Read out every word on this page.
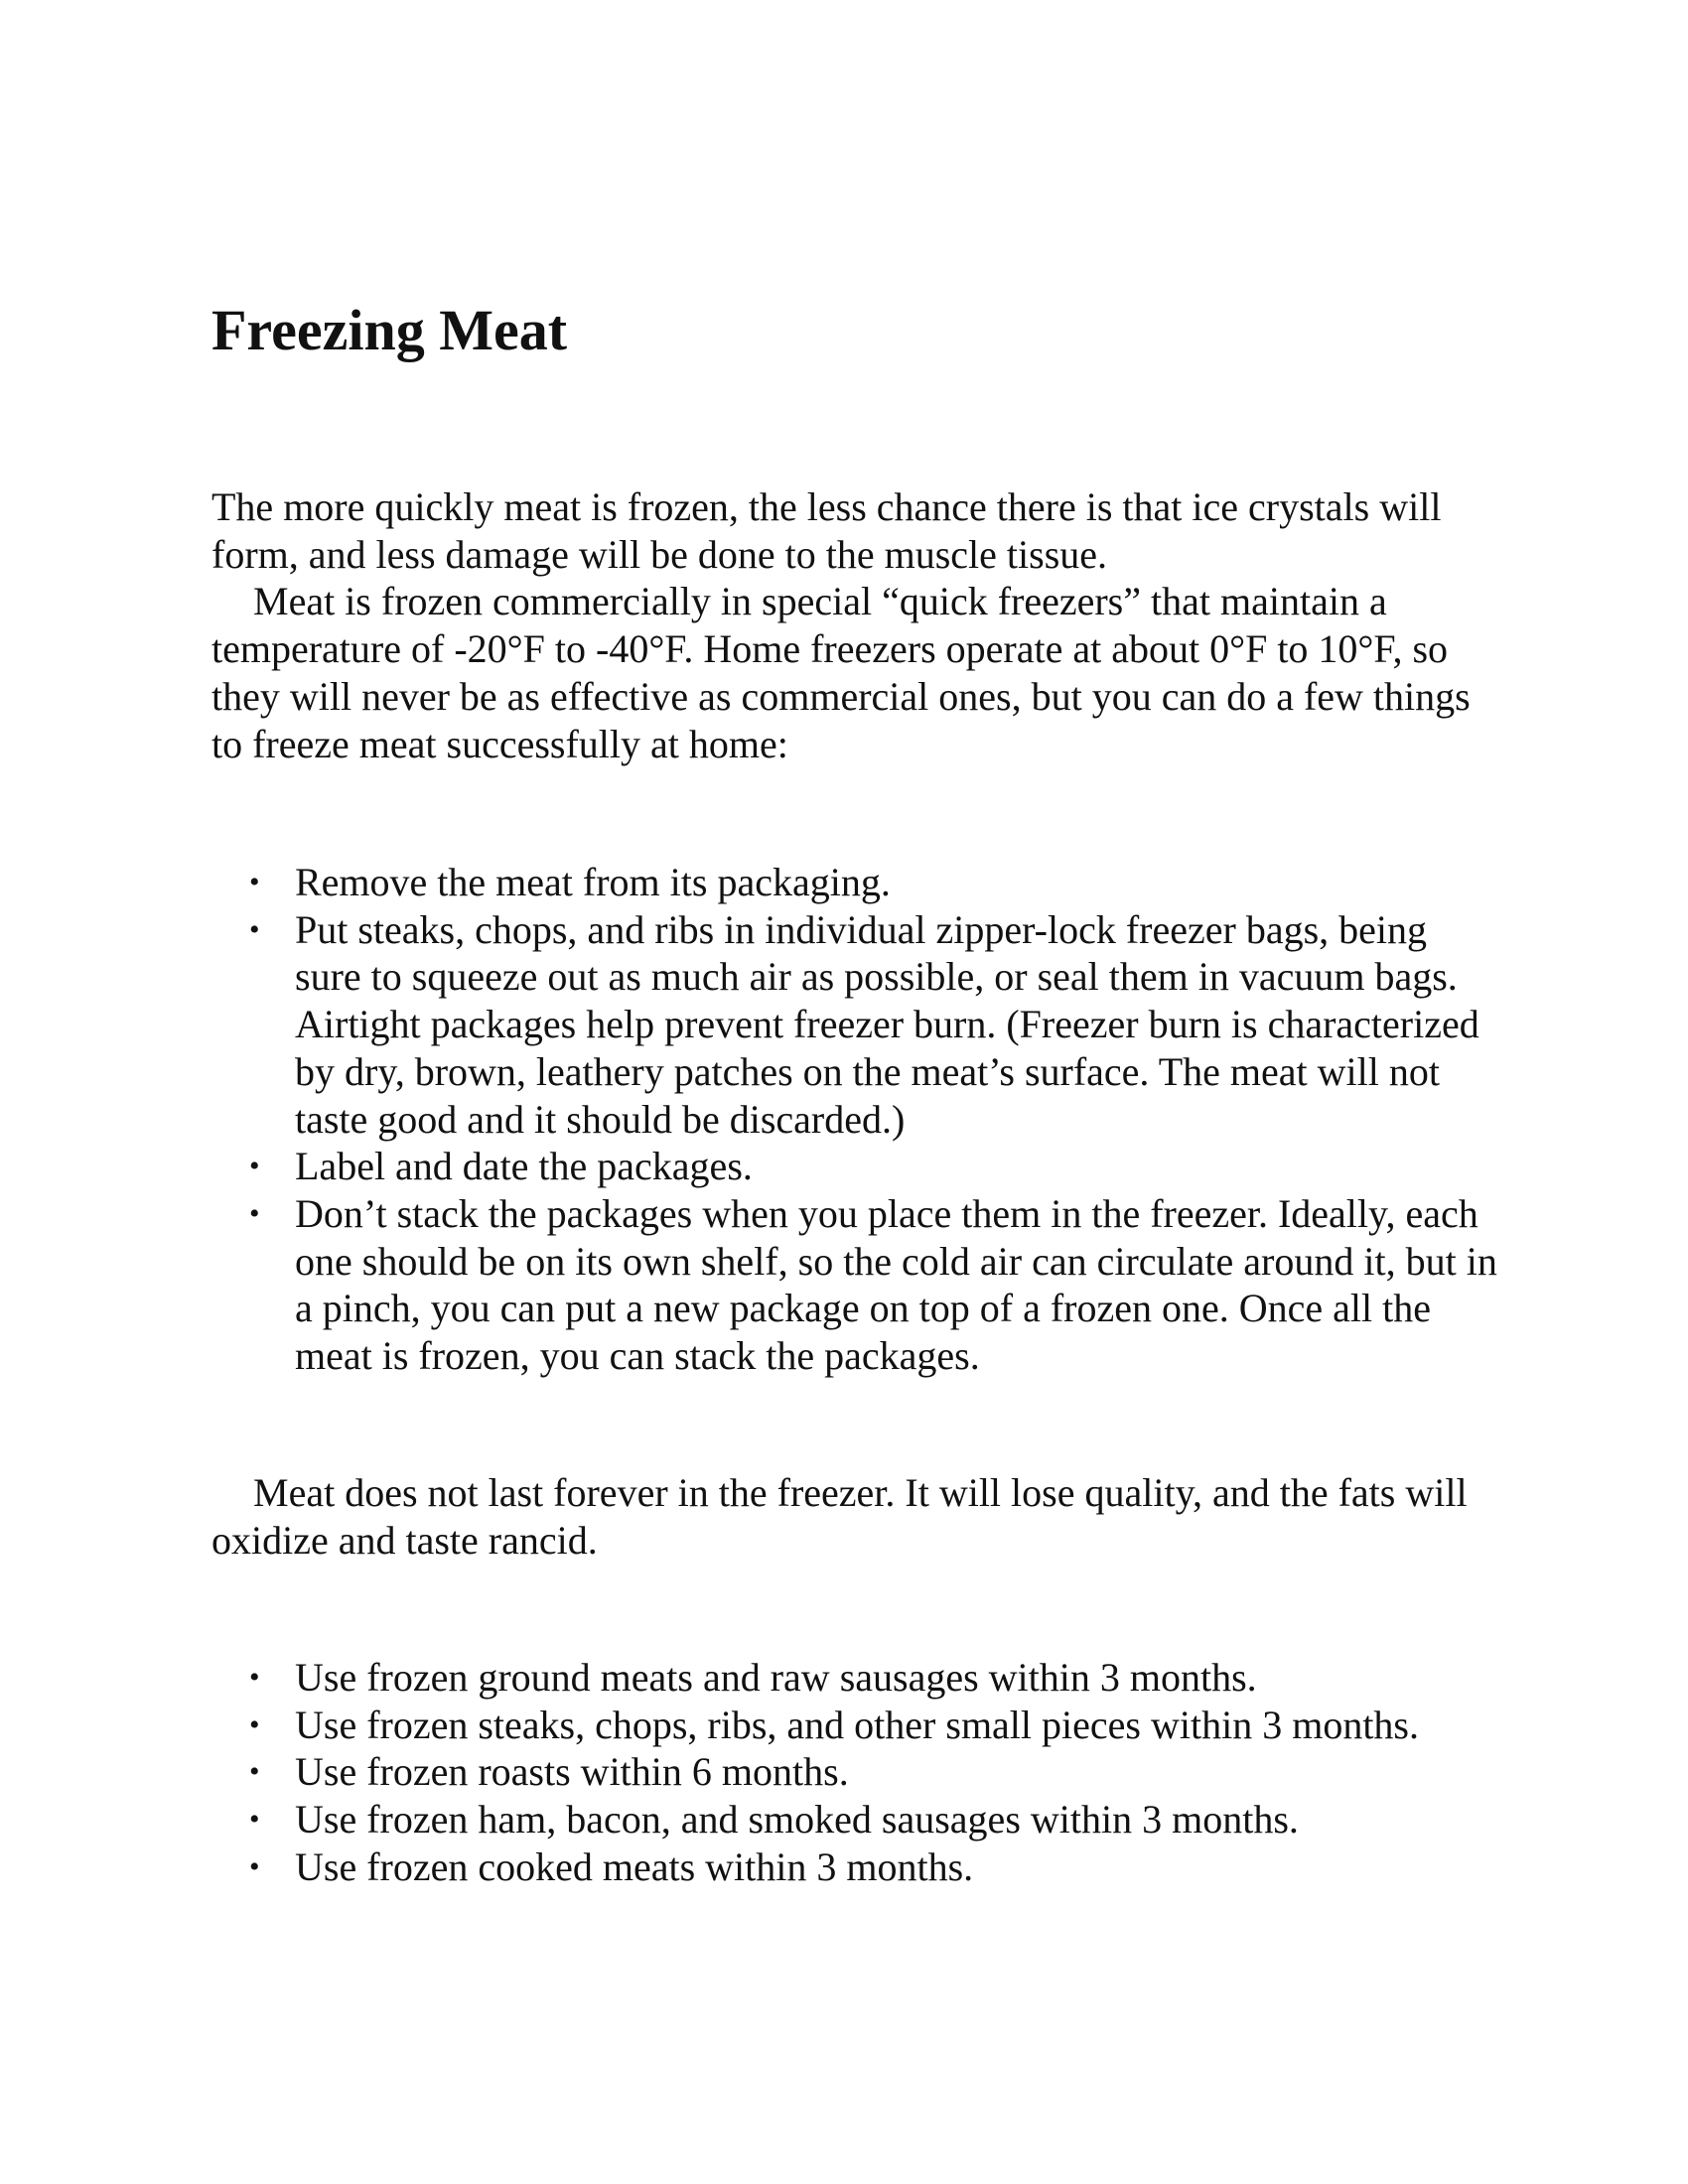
Freezing Meat

The more quickly meat is frozen, the less chance there is that ice crystals will form, and less damage will be done to the muscle tissue.

Meat is frozen commercially in special “quick freezers” that maintain a temperature of -20°F to -40°F. Home freezers operate at about 0°F to 10°F, so they will never be as effective as commercial ones, but you can do a few things to freeze meat successfully at home:

• Remove the meat from its packaging.
• Put steaks, chops, and ribs in individual zipper-lock freezer bags, being sure to squeeze out as much air as possible, or seal them in vacuum bags. Airtight packages help prevent freezer burn. (Freezer burn is characterized by dry, brown, leathery patches on the meat’s surface. The meat will not taste good and it should be discarded.)
• Label and date the packages.
• Don’t stack the packages when you place them in the freezer. Ideally, each one should be on its own shelf, so the cold air can circulate around it, but in a pinch, you can put a new package on top of a frozen one. Once all the meat is frozen, you can stack the packages.

Meat does not last forever in the freezer. It will lose quality, and the fats will oxidize and taste rancid.

• Use frozen ground meats and raw sausages within 3 months.
• Use frozen steaks, chops, ribs, and other small pieces within 3 months.
• Use frozen roasts within 6 months.
• Use frozen ham, bacon, and smoked sausages within 3 months.
• Use frozen cooked meats within 3 months.
